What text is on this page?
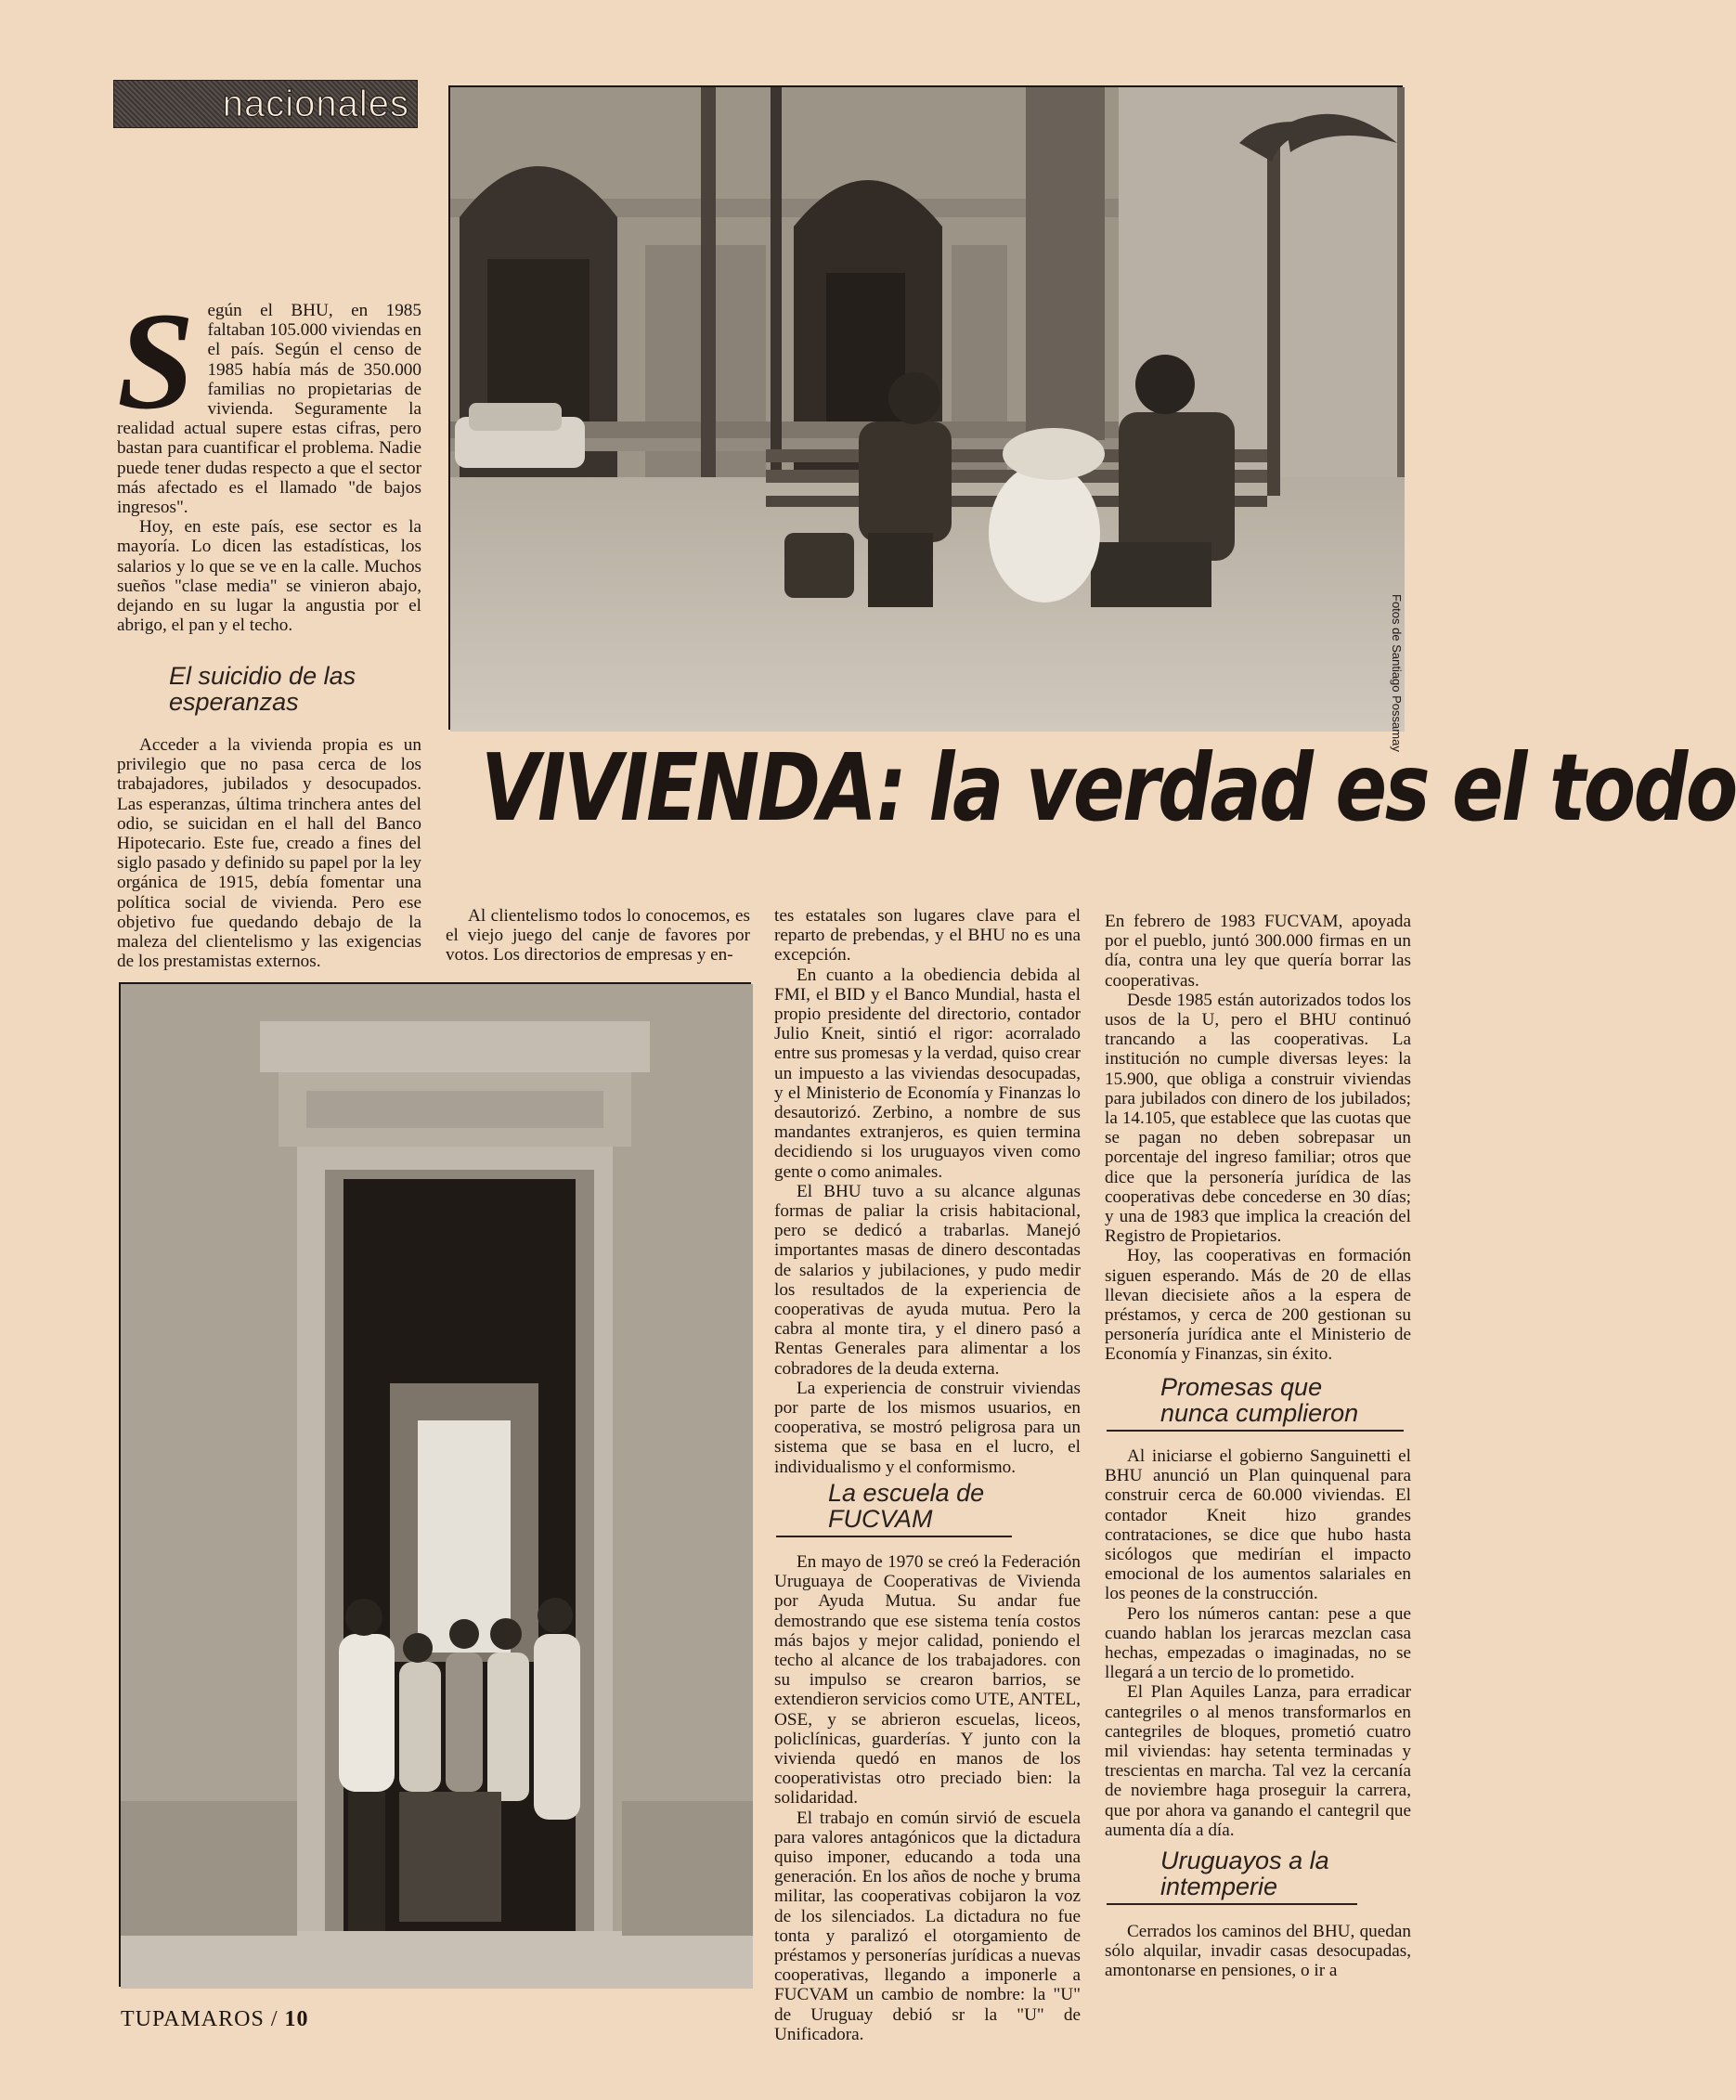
nacionales
Fotos de Santiago Possamay

Según el BHU, en 1985 faltaban 105.000 viviendas en el país. Según el censo de 1985 había más de 350.000 familias no propietarias de vivienda. Seguramente la realidad actual supere estas cifras, pero bastan para cuantificar el problema. Nadie puede tener dudas respecto a que el sector más afectado es el llamado "de bajos ingresos".

Hoy, en este país, ese sector es la mayoría. Lo dicen las estadísticas, los salarios y lo que se ve en la calle. Muchos sueños "clase media" se vinieron abajo, dejando en su lugar la angustia por el abrigo, el pan y el techo.

El suicidio de las
esperanzas

Acceder a la vivienda propia es un privilegio que no pasa cerca de los trabajadores, jubilados y desocupados. Las esperanzas, última trinchera antes del odio, se suicidan en el hall del Banco Hipotecario. Este fue, creado a fines del siglo pasado y definido su papel por la ley orgánica de 1915, debía fomentar una política social de vivienda. Pero ese objetivo fue quedando debajo de la maleza del clientelismo y las exigencias de los prestamistas externos.

VIVIENDA: la verdad es el todo

Al clientelismo todos lo conocemos, es el viejo juego del canje de favores por votos. Los directorios de empresas y en-

tes estatales son lugares clave para el reparto de prebendas, y el BHU no es una excepción.

En cuanto a la obediencia debida al FMI, el BID y el Banco Mundial, hasta el propio presidente del directorio, contador Julio Kneit, sintió el rigor: acorralado entre sus promesas y la verdad, quiso crear un impuesto a las viviendas desocupadas, y el Ministerio de Economía y Finanzas lo desautorizó. Zerbino, a nombre de sus mandantes extranjeros, es quien termina decidiendo si los uruguayos viven como gente o como animales.

El BHU tuvo a su alcance algunas formas de paliar la crisis habitacional, pero se dedicó a trabarlas. Manejó importantes masas de dinero descontadas de salarios y jubilaciones, y pudo medir los resultados de la experiencia de cooperativas de ayuda mutua. Pero la cabra al monte tira, y el dinero pasó a Rentas Generales para alimentar a los cobradores de la deuda externa.

La experiencia de construir viviendas por parte de los mismos usuarios, en cooperativa, se mostró peligrosa para un sistema que se basa en el lucro, el individualismo y el conformismo.

La escuela de
FUCVAM

En mayo de 1970 se creó la Federación Uruguaya de Cooperativas de Vivienda por Ayuda Mutua. Su andar fue demostrando que ese sistema tenía costos más bajos y mejor calidad, poniendo el techo al alcance de los trabajadores. con su impulso se crearon barrios, se extendieron servicios como UTE, ANTEL, OSE, y se abrieron escuelas, liceos, policlínicas, guarderías. Y junto con la vivienda quedó en manos de los cooperativistas otro preciado bien: la solidaridad.

El trabajo en común sirvió de escuela para valores antagónicos que la dictadura quiso imponer, educando a toda una generación. En los años de noche y bruma militar, las cooperativas cobijaron la voz de los silenciados. La dictadura no fue tonta y paralizó el otorgamiento de préstamos y personerías jurídicas a nuevas cooperativas, llegando a imponerle a FUCVAM un cambio de nombre: la "U" de Uruguay debió sr la "U" de Unificadora.

En febrero de 1983 FUCVAM, apoyada por el pueblo, juntó 300.000 firmas en un día, contra una ley que quería borrar las cooperativas.

Desde 1985 están autorizados todos los usos de la U, pero el BHU continuó trancando a las cooperativas. La institución no cumple diversas leyes: la 15.900, que obliga a construir viviendas para jubilados con dinero de los jubilados; la 14.105, que establece que las cuotas que se pagan no deben sobrepasar un porcentaje del ingreso familiar; otros que dice que la personería jurídica de las cooperativas debe concederse en 30 días; y una de 1983 que implica la creación del Registro de Propietarios.

Hoy, las cooperativas en formación siguen esperando. Más de 20 de ellas llevan diecisiete años a la espera de préstamos, y cerca de 200 gestionan su personería jurídica ante el Ministerio de Economía y Finanzas, sin éxito.

Promesas que
nunca cumplieron

Al iniciarse el gobierno Sanguinetti el BHU anunció un Plan quinquenal para construir cerca de 60.000 viviendas. El contador Kneit hizo grandes contrataciones, se dice que hubo hasta sicólogos que medirían el impacto emocional de los aumentos salariales en los peones de la construcción.

Pero los números cantan: pese a que cuando hablan los jerarcas mezclan casa hechas, empezadas o imaginadas, no se llegará a un tercio de lo prometido.

El Plan Aquiles Lanza, para erradicar cantegriles o al menos transformarlos en cantegriles de bloques, prometió cuatro mil viviendas: hay setenta terminadas y trescientas en marcha. Tal vez la cercanía de noviembre haga proseguir la carrera, que por ahora va ganando el cantegril que aumenta día a día.

Uruguayos a la
intemperie

Cerrados los caminos del BHU, quedan sólo alquilar, invadir casas desocupadas, amontonarse en pensiones, o ir a

TUPAMAROS / 10
